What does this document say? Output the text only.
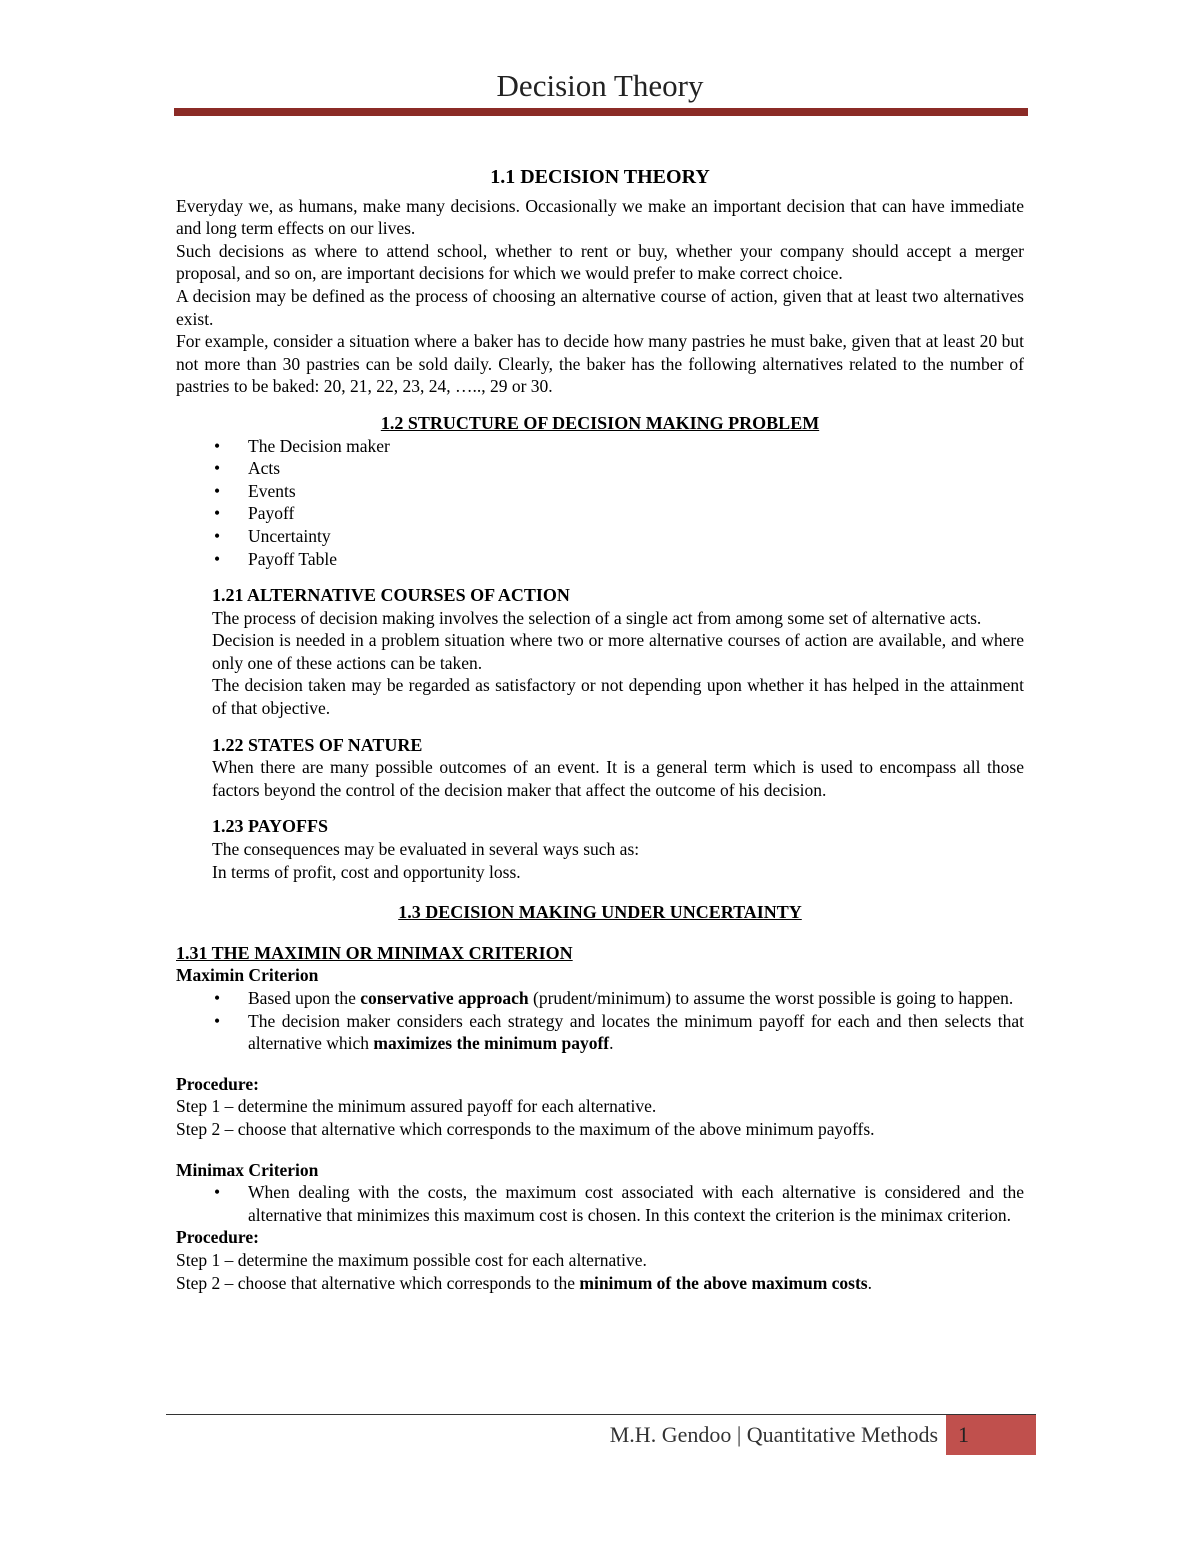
Decision Theory
1.1 DECISION THEORY

Everyday we, as humans, make many decisions. Occasionally we make an important decision that can have immediate and long term effects on our lives.

Such decisions as where to attend school, whether to rent or buy, whether your company should accept a merger proposal, and so on, are important decisions for which we would prefer to make correct choice.

A decision may be defined as the process of choosing an alternative course of action, given that at least two alternatives exist.

For example, consider a situation where a baker has to decide how many pastries he must bake, given that at least 20 but not more than 30 pastries can be sold daily. Clearly, the baker has the following alternatives related to the number of pastries to be baked: 20, 21, 22, 23, 24, ….., 29 or 30.

1.2 STRUCTURE OF DECISION MAKING PROBLEM
• The Decision maker
• Acts
• Events
• Payoff
• Uncertainty
• Payoff Table
1.21 ALTERNATIVE COURSES OF ACTION

The process of decision making involves the selection of a single act from among some set of alternative acts.

Decision is needed in a problem situation where two or more alternative courses of action are available, and where only one of these actions can be taken.

The decision taken may be regarded as satisfactory or not depending upon whether it has helped in the attainment of that objective.

1.22 STATES OF NATURE

When there are many possible outcomes of an event. It is a general term which is used to encompass all those factors beyond the control of the decision maker that affect the outcome of his decision.

1.23 PAYOFFS

The consequences may be evaluated in several ways such as:

In terms of profit, cost and opportunity loss.

1.3 DECISION MAKING UNDER UNCERTAINTY
1.31 THE MAXIMIN OR MINIMAX CRITERION
Maximin Criterion
• Based upon the conservative approach (prudent/minimum) to assume the worst possible is going to happen.
• The decision maker considers each strategy and locates the minimum payoff for each and then selects that alternative which maximizes the minimum payoff.
Procedure:

Step 1 – determine the minimum assured payoff for each alternative.

Step 2 – choose that alternative which corresponds to the maximum of the above minimum payoffs.

Minimax Criterion
• When dealing with the costs, the maximum cost associated with each alternative is considered and the alternative that minimizes this maximum cost is chosen. In this context the criterion is the minimax criterion.
Procedure:

Step 1 – determine the maximum possible cost for each alternative.

Step 2 – choose that alternative which corresponds to the minimum of the above maximum costs.

M.H. Gendoo | Quantitative Methods 1
